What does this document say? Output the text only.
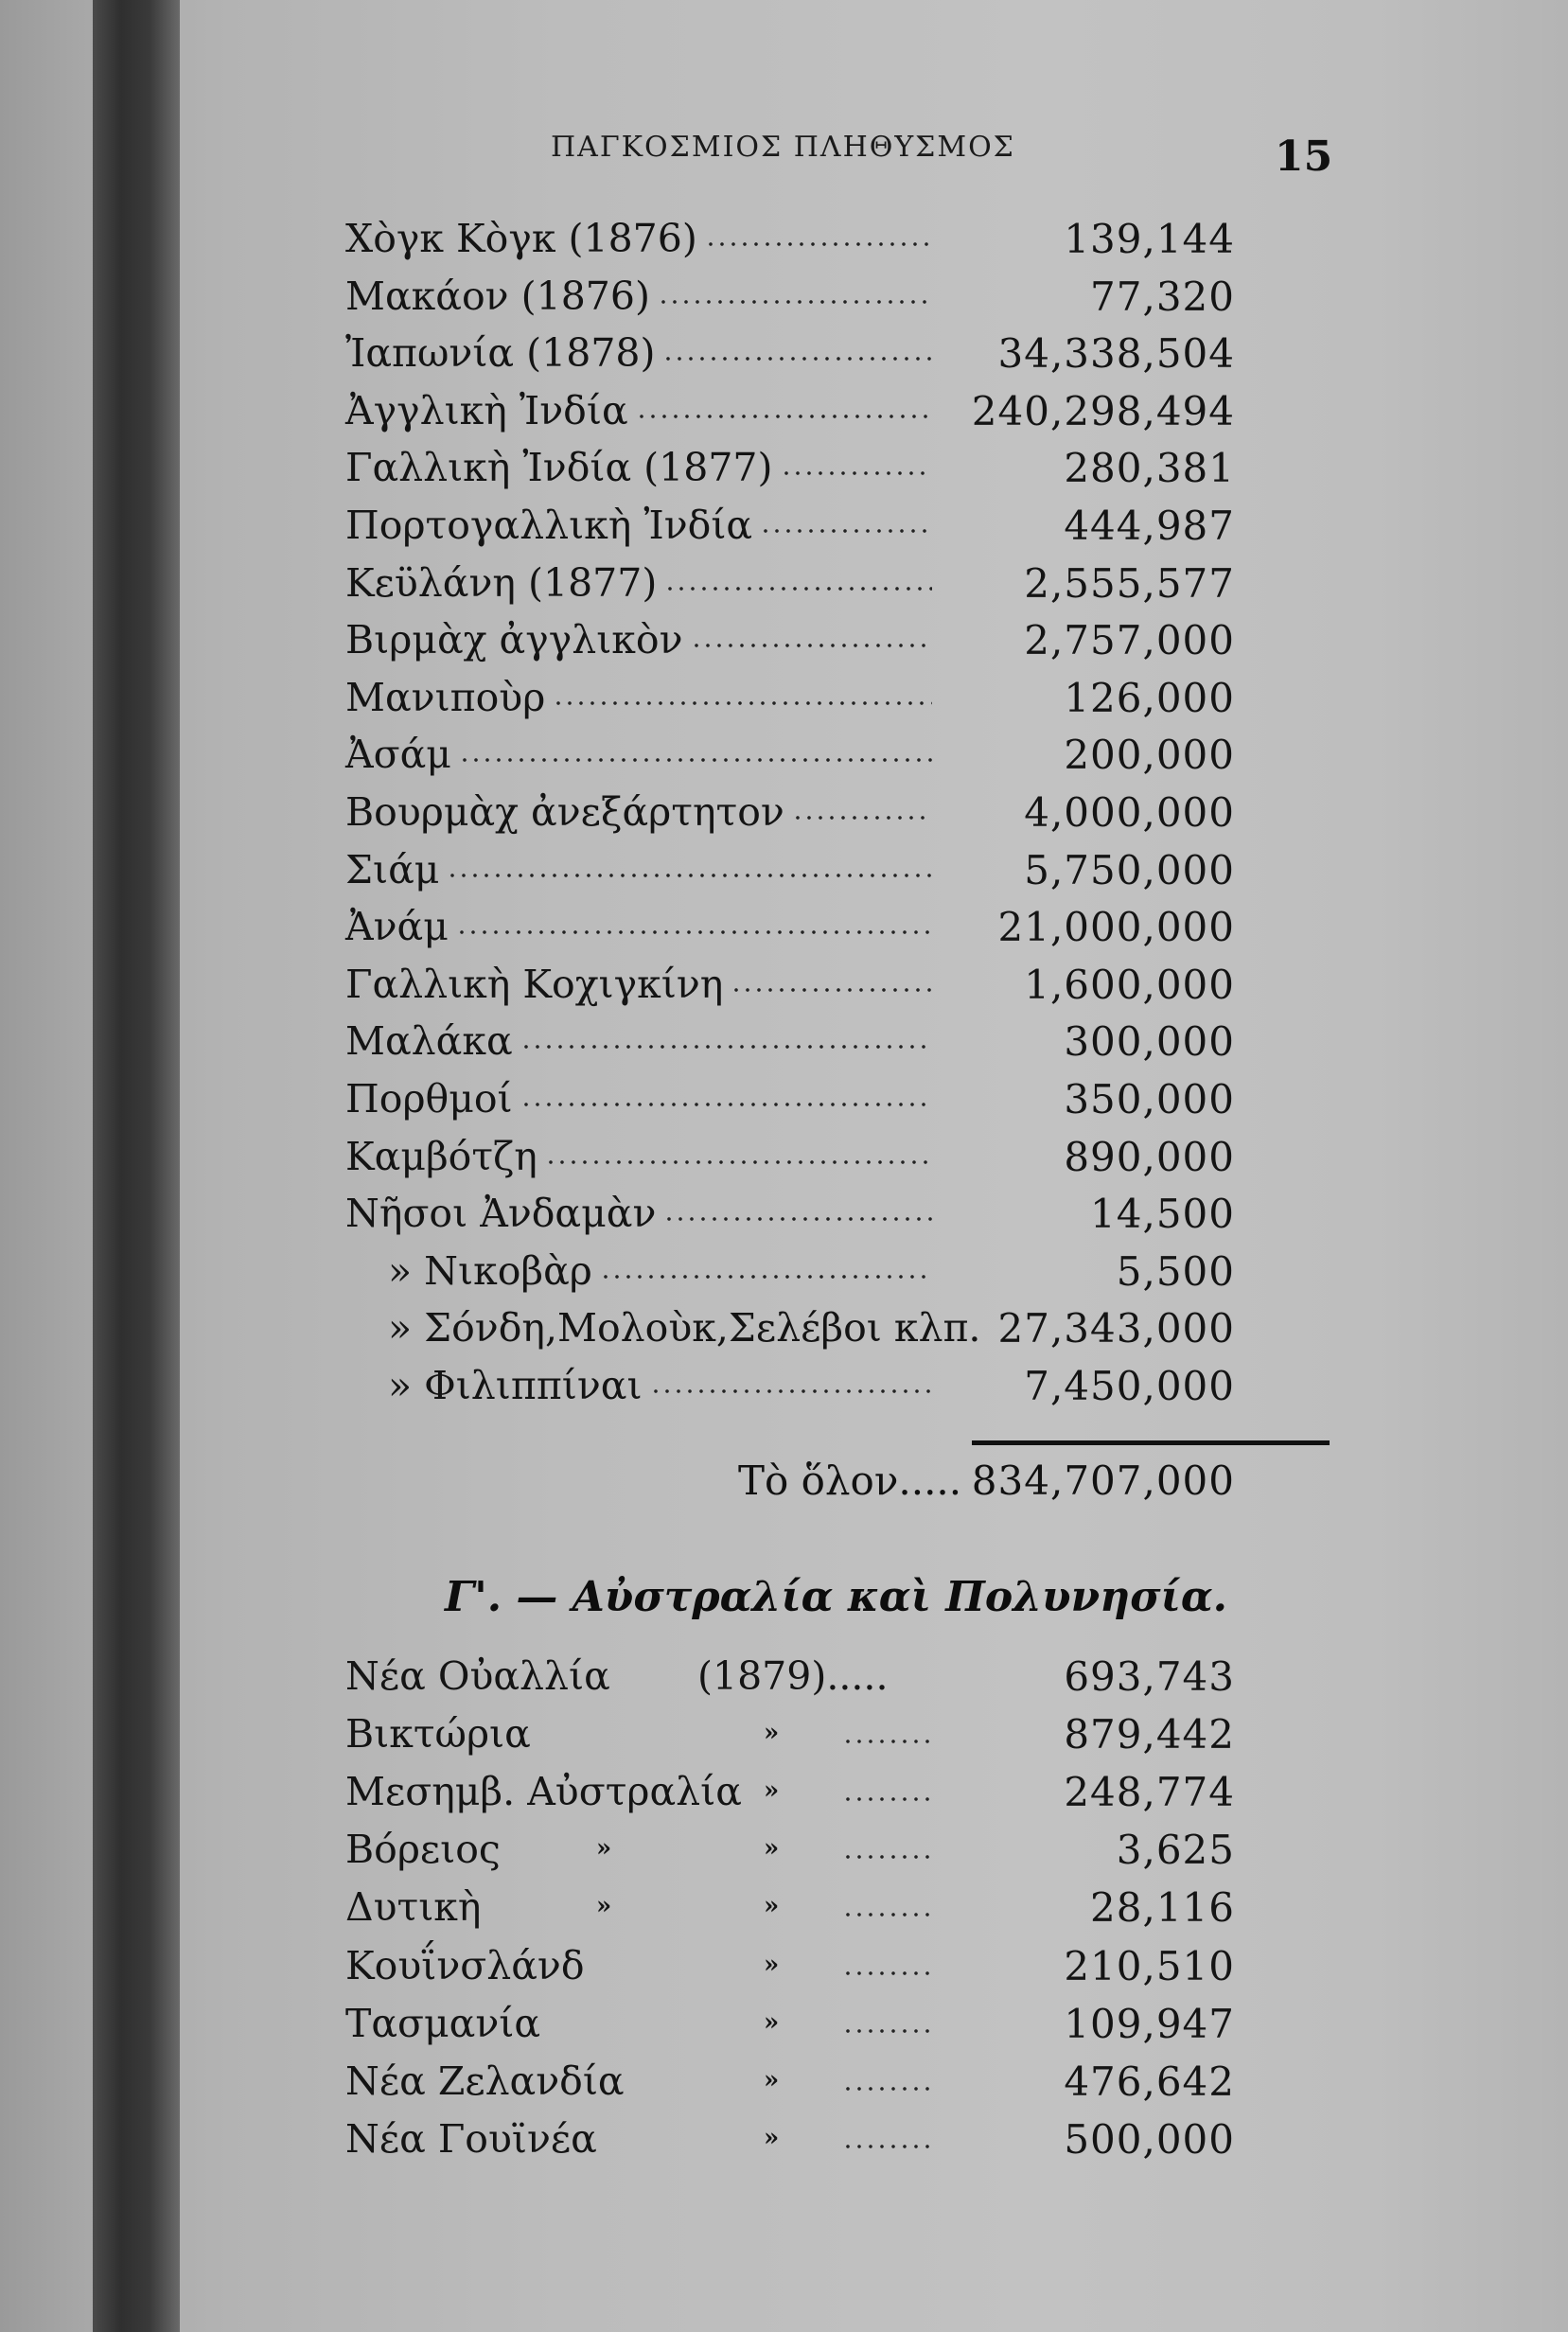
ΠΑΓΚΟΣΜΙΟΣ ΠΛΗΘΥΣΜΟΣ	15
Χὸγκ Κὸγκ (1876)	139,144
Μακάον (1876)	77,320
Ἰαπωνία (1878)	34,338,504
Ἀγγλικὴ Ἰνδία	240,298,494
Γαλλικὴ Ἰνδία (1877)	280,381
Πορτογαλλικὴ Ἰνδία	444,987
Κεϋλάνη (1877)	2,555,577
Βιρμὰχ ἀγγλικὸν	2,757,000
Μανιποὺρ	126,000
Ἀσάμ	200,000
Βουρμὰχ ἀνεξάρτητον	4,000,000
Σιάμ	5,750,000
Ἀνάμ	21,000,000
Γαλλικὴ Κοχιγκίνη	1,600,000
Μαλάκα	300,000
Πορθμοί	350,000
Καμβότζη	890,000
Νῆσοι Ἀνδαμὰν	14,500
» Νικοβὰρ	5,500
» Σόνδη,Μολοὺκ,Σελέβοι κλπ. 27,343,000
» Φιλιππίναι	7,450,000
Τὸ ὅλον..... 834,707,000
Γ'. — Αὐστραλία καὶ Πολυνησία.
Νέα Οὐαλλία (1879).....	693,743
Βικτώρια	»	879,442
Μεσημβ. Αὐστραλία »	248,774
Βόρειος	»	»	3,625
Δυτικὴ	»	»	28,116
Κουΐνσλάνδ	»	210,510
Τασμανία	»	109,947
Νέα Ζελανδία	»	476,642
Νέα Γουϊνέα	»	500,000
